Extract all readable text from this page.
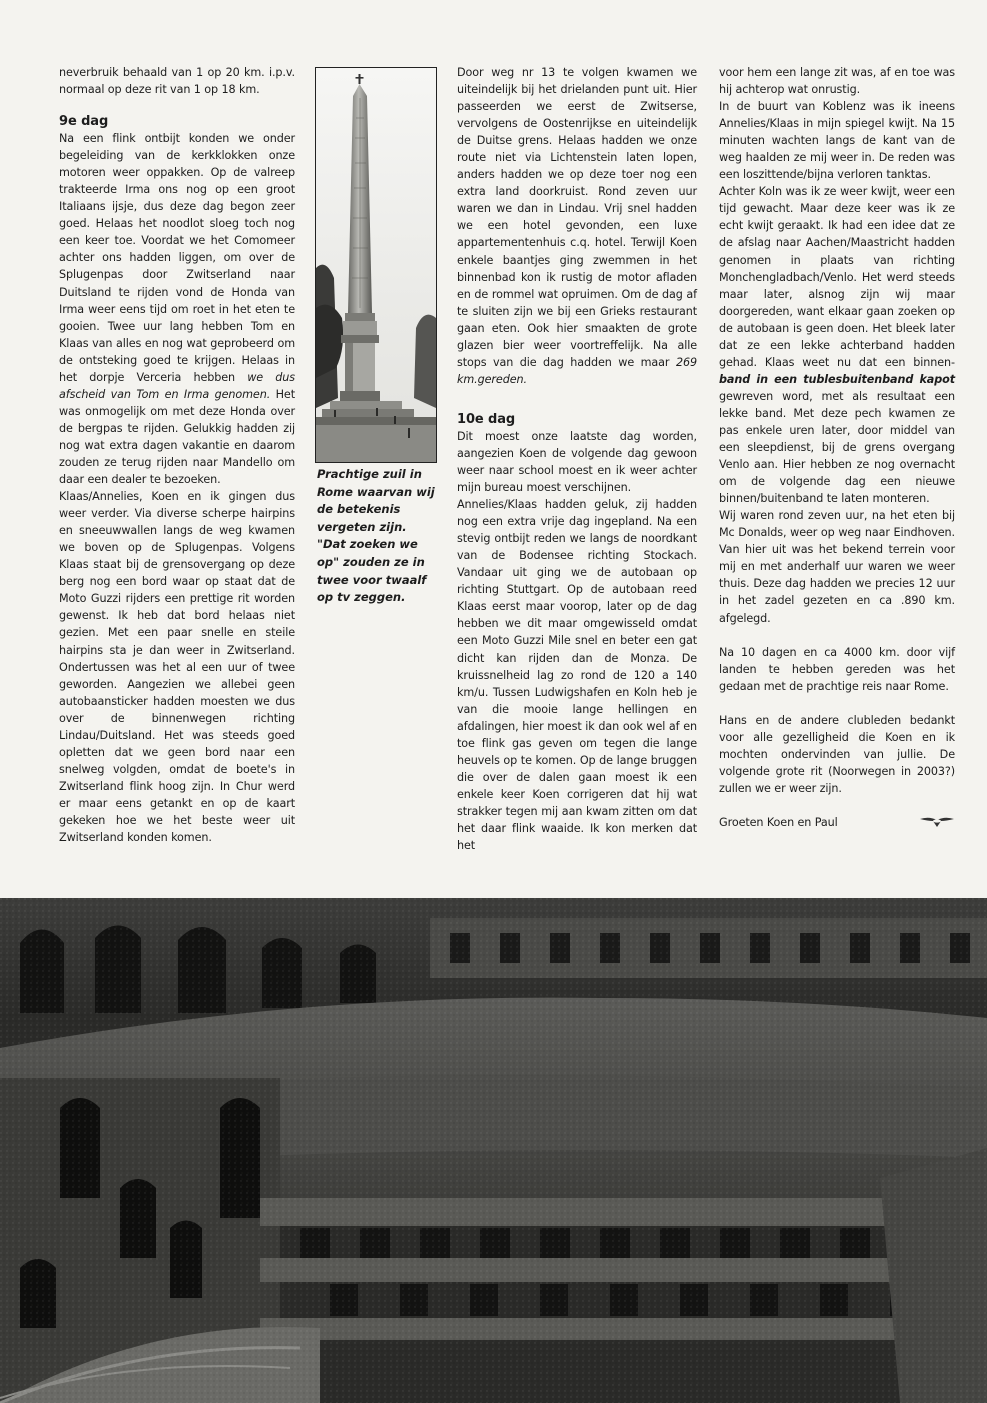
neverbruik behaald van 1 op 20 km. i.p.v. normaal op deze rit van 1 op 18 km.

9e dag

Na een flink ontbijt konden we onder begeleiding van de kerkklokken onze motoren weer oppakken. Op de valreep trakteerde Irma ons nog op een groot Italiaans ijsje, dus deze dag begon zeer goed. Helaas het noodlot sloeg toch nog een keer toe. Voordat we het Comomeer achter ons hadden liggen, om over de Splugenpas door Zwitserland naar Duitsland te rijden vond de Honda van Irma weer eens tijd om roet in het eten te gooien. Twee uur lang hebben Tom en Klaas van alles en nog wat geprobeerd om de ontsteking goed te krijgen. Helaas in het dorpje Verceria hebben we dus afscheid van Tom en Irma genomen. Het was onmogelijk om met deze Honda over de bergpas te rijden. Gelukkig hadden zij nog wat extra dagen vakantie en daarom zouden ze terug rijden naar Mandello om daar een dealer te bezoeken.

Klaas/Annelies, Koen en ik gingen dus weer verder. Via diverse scherpe hairpins en sneeuwwallen langs de weg kwamen we boven op de Splugenpas. Volgens Klaas staat bij de grensovergang op deze berg nog een bord waar op staat dat de Moto Guzzi rijders een prettige rit worden gewenst. Ik heb dat bord helaas niet gezien. Met een paar snelle en steile hairpins sta je dan weer in Zwitserland. Ondertussen was het al een uur of twee geworden. Aangezien we allebei geen autobaansticker hadden moesten we dus over de binnenwegen richting Lindau/Duitsland. Het was steeds goed opletten dat we geen bord naar een snelweg volgden, omdat de boete's in Zwitserland flink hoog zijn. In Chur werd er maar eens getankt en op de kaart gekeken hoe we het beste weer uit Zwitserland konden komen.

Prachtige zuil in Rome waarvan wij de betekenis vergeten zijn. "Dat zoeken we op" zouden ze in twee voor twaalf op tv zeggen.

Door weg nr 13 te volgen kwamen we uiteindelijk bij het drielanden punt uit. Hier passeerden we eerst de Zwitserse, vervolgens de Oostenrijkse en uiteindelijk de Duitse grens. Helaas hadden we onze route niet via Lichtenstein laten lopen, anders hadden we op deze toer nog een extra land doorkruist. Rond zeven uur waren we dan in Lindau. Vrij snel hadden we een hotel gevonden, een luxe appartementenhuis c.q. hotel. Terwijl Koen enkele baantjes ging zwemmen in het binnenbad kon ik rustig de motor afladen en de rommel wat opruimen. Om de dag af te sluiten zijn we bij een Grieks restaurant gaan eten. Ook hier smaakten de grote glazen bier weer voortreffelijk. Na alle stops van die dag hadden we maar 269 km.gereden.

10e dag

Dit moest onze laatste dag worden, aangezien Koen de volgende dag gewoon weer naar school moest en ik weer achter mijn bureau moest verschijnen.

Annelies/Klaas hadden geluk, zij hadden nog een extra vrije dag ingepland. Na een stevig ontbijt reden we langs de noordkant van de Bodensee richting Stockach. Vandaar uit ging we de autobaan op richting Stuttgart. Op de autobaan reed Klaas eerst maar voorop, later op de dag hebben we dit maar omgewisseld omdat een Moto Guzzi Mile snel en beter een gat dicht kan rijden dan de Monza. De kruissnelheid lag zo rond de 120 a 140 km/u. Tussen Ludwigshafen en Koln heb je van die mooie lange hellingen en afdalingen, hier moest ik dan ook wel af en toe flink gas geven om tegen die lange heuvels op te komen. Op de lange bruggen die over de dalen gaan moest ik een enkele keer Koen corrigeren dat hij wat strakker tegen mij aan kwam zitten om dat het daar flink waaide. Ik kon merken dat het

voor hem een lange zit was, af en toe was hij achterop wat onrustig.

In de buurt van Koblenz was ik ineens Annelies/Klaas in mijn spiegel kwijt. Na 15 minuten wachten langs de kant van de weg haalden ze mij weer in. De reden was een loszittende/bijna verloren tanktas.

Achter Koln was ik ze weer kwijt, weer een tijd gewacht. Maar deze keer was ik ze echt kwijt geraakt. Ik had een idee dat ze de afslag naar Aachen/Maastricht hadden genomen in plaats van richting Monchengladbach/Venlo. Het werd steeds maar later, alsnog zijn wij maar doorgereden, want elkaar gaan zoeken op de autobaan is geen doen. Het bleek later dat ze een lekke achterband hadden gehad. Klaas weet nu dat een binnen- band in een tublesbuitenband kapot gewreven word, met als resultaat een lekke band. Met deze pech kwamen ze pas enkele uren later, door middel van een sleepdienst, bij de grens overgang Venlo aan. Hier hebben ze nog overnacht om de volgende dag een nieuwe binnen/buitenband te laten monteren.

Wij waren rond zeven uur, na het eten bij Mc Donalds, weer op weg naar Eindhoven. Van hier uit was het bekend terrein voor mij en met anderhalf uur waren we weer thuis. Deze dag hadden we precies 12 uur in het zadel gezeten en ca .890 km. afgelegd.

Na 10 dagen en ca 4000 km. door vijf landen te hebben gereden was het gedaan met de prachtige reis naar Rome.

Hans en de andere clubleden bedankt voor alle gezelligheid die Koen en ik mochten ondervinden van jullie. De volgende grote rit (Noorwegen in 2003?) zullen we er weer zijn.

Groeten Koen en Paul
